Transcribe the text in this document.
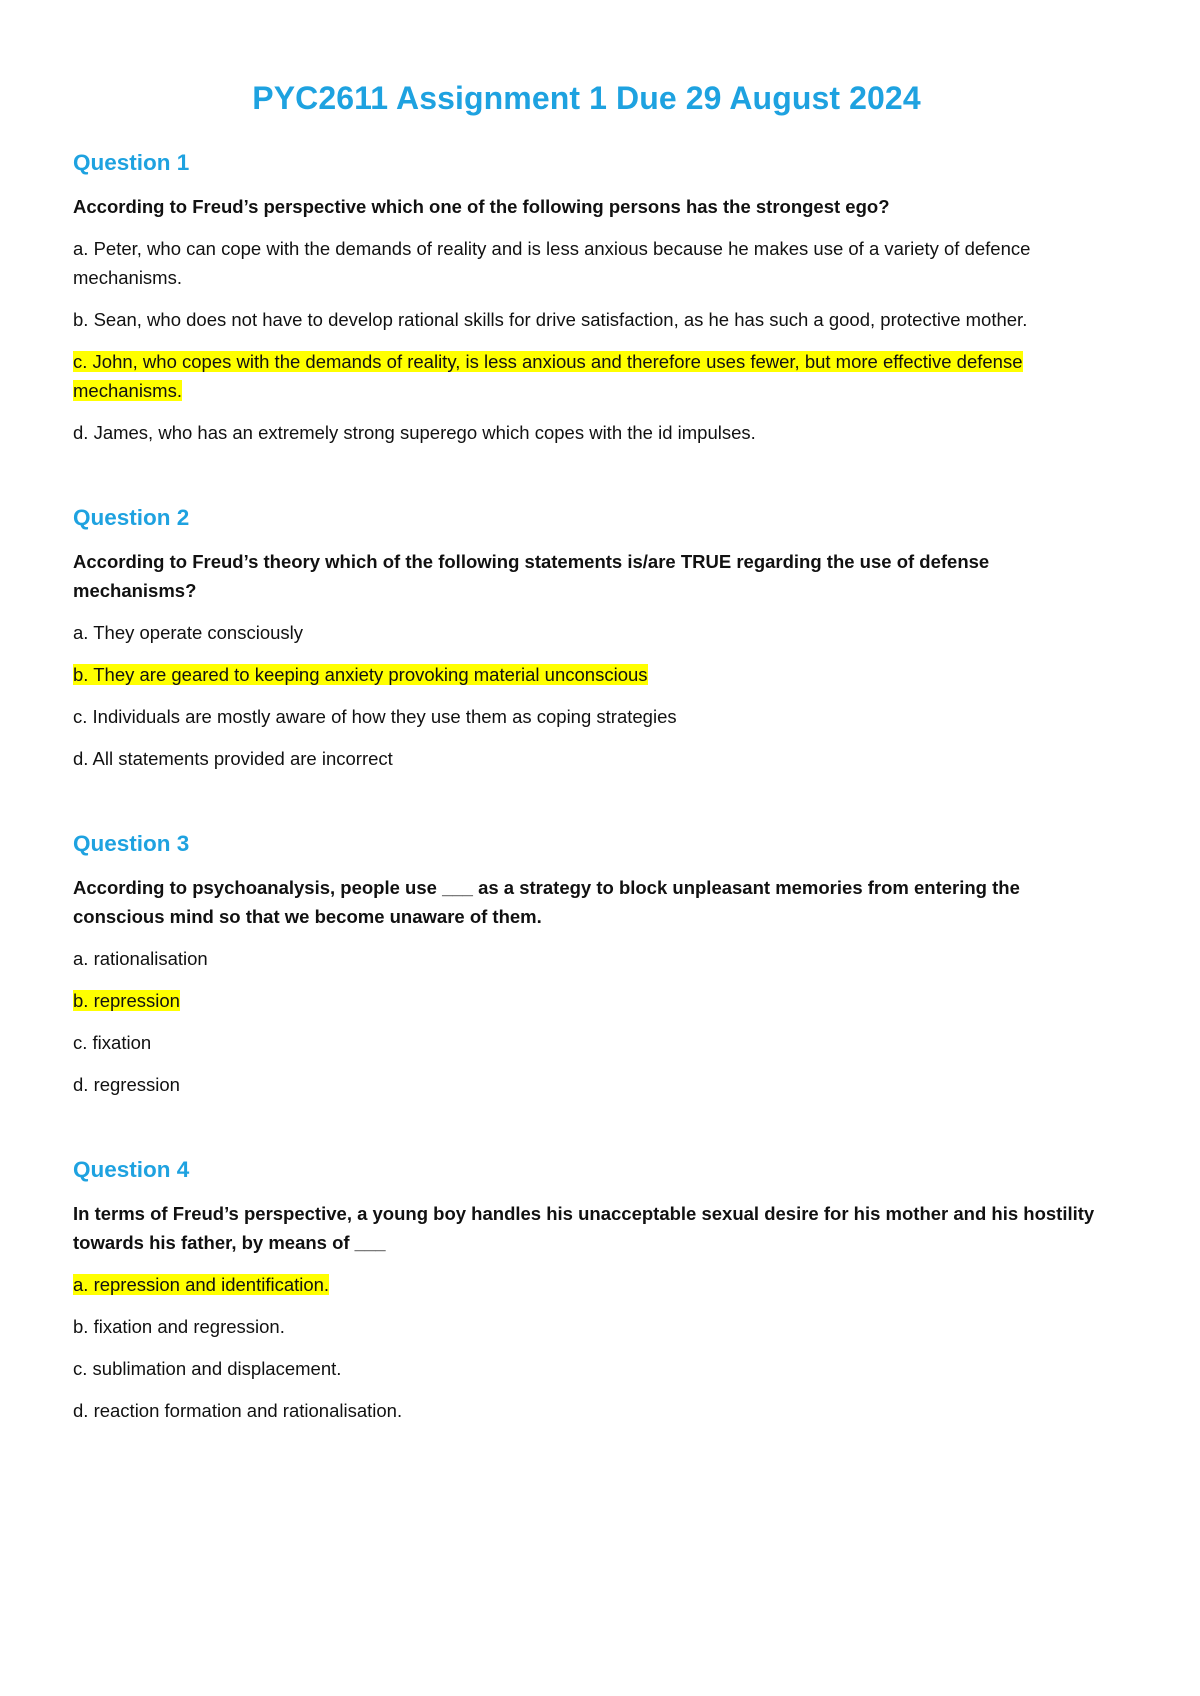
PYC2611 Assignment 1 Due 29 August 2024
Question 1

According to Freud’s perspective which one of the following persons has the strongest ego?

a. Peter, who can cope with the demands of reality and is less anxious because he makes use of a variety of defence mechanisms.

b. Sean, who does not have to develop rational skills for drive satisfaction, as he has such a good, protective mother.

c. John, who copes with the demands of reality, is less anxious and therefore uses fewer, but more effective defense mechanisms.

d. James, who has an extremely strong superego which copes with the id impulses.

Question 2

According to Freud’s theory which of the following statements is/are TRUE regarding the use of defense mechanisms?

a. They operate consciously

b. They are geared to keeping anxiety provoking material unconscious

c. Individuals are mostly aware of how they use them as coping strategies

d. All statements provided are incorrect

Question 3

According to psychoanalysis, people use ___ as a strategy to block unpleasant memories from entering the conscious mind so that we become unaware of them.

a. rationalisation

b. repression

c. fixation

d. regression

Question 4

In terms of Freud’s perspective, a young boy handles his unacceptable sexual desire for his mother and his hostility towards his father, by means of ___

a. repression and identification.

b. fixation and regression.

c. sublimation and displacement.

d. reaction formation and rationalisation.
